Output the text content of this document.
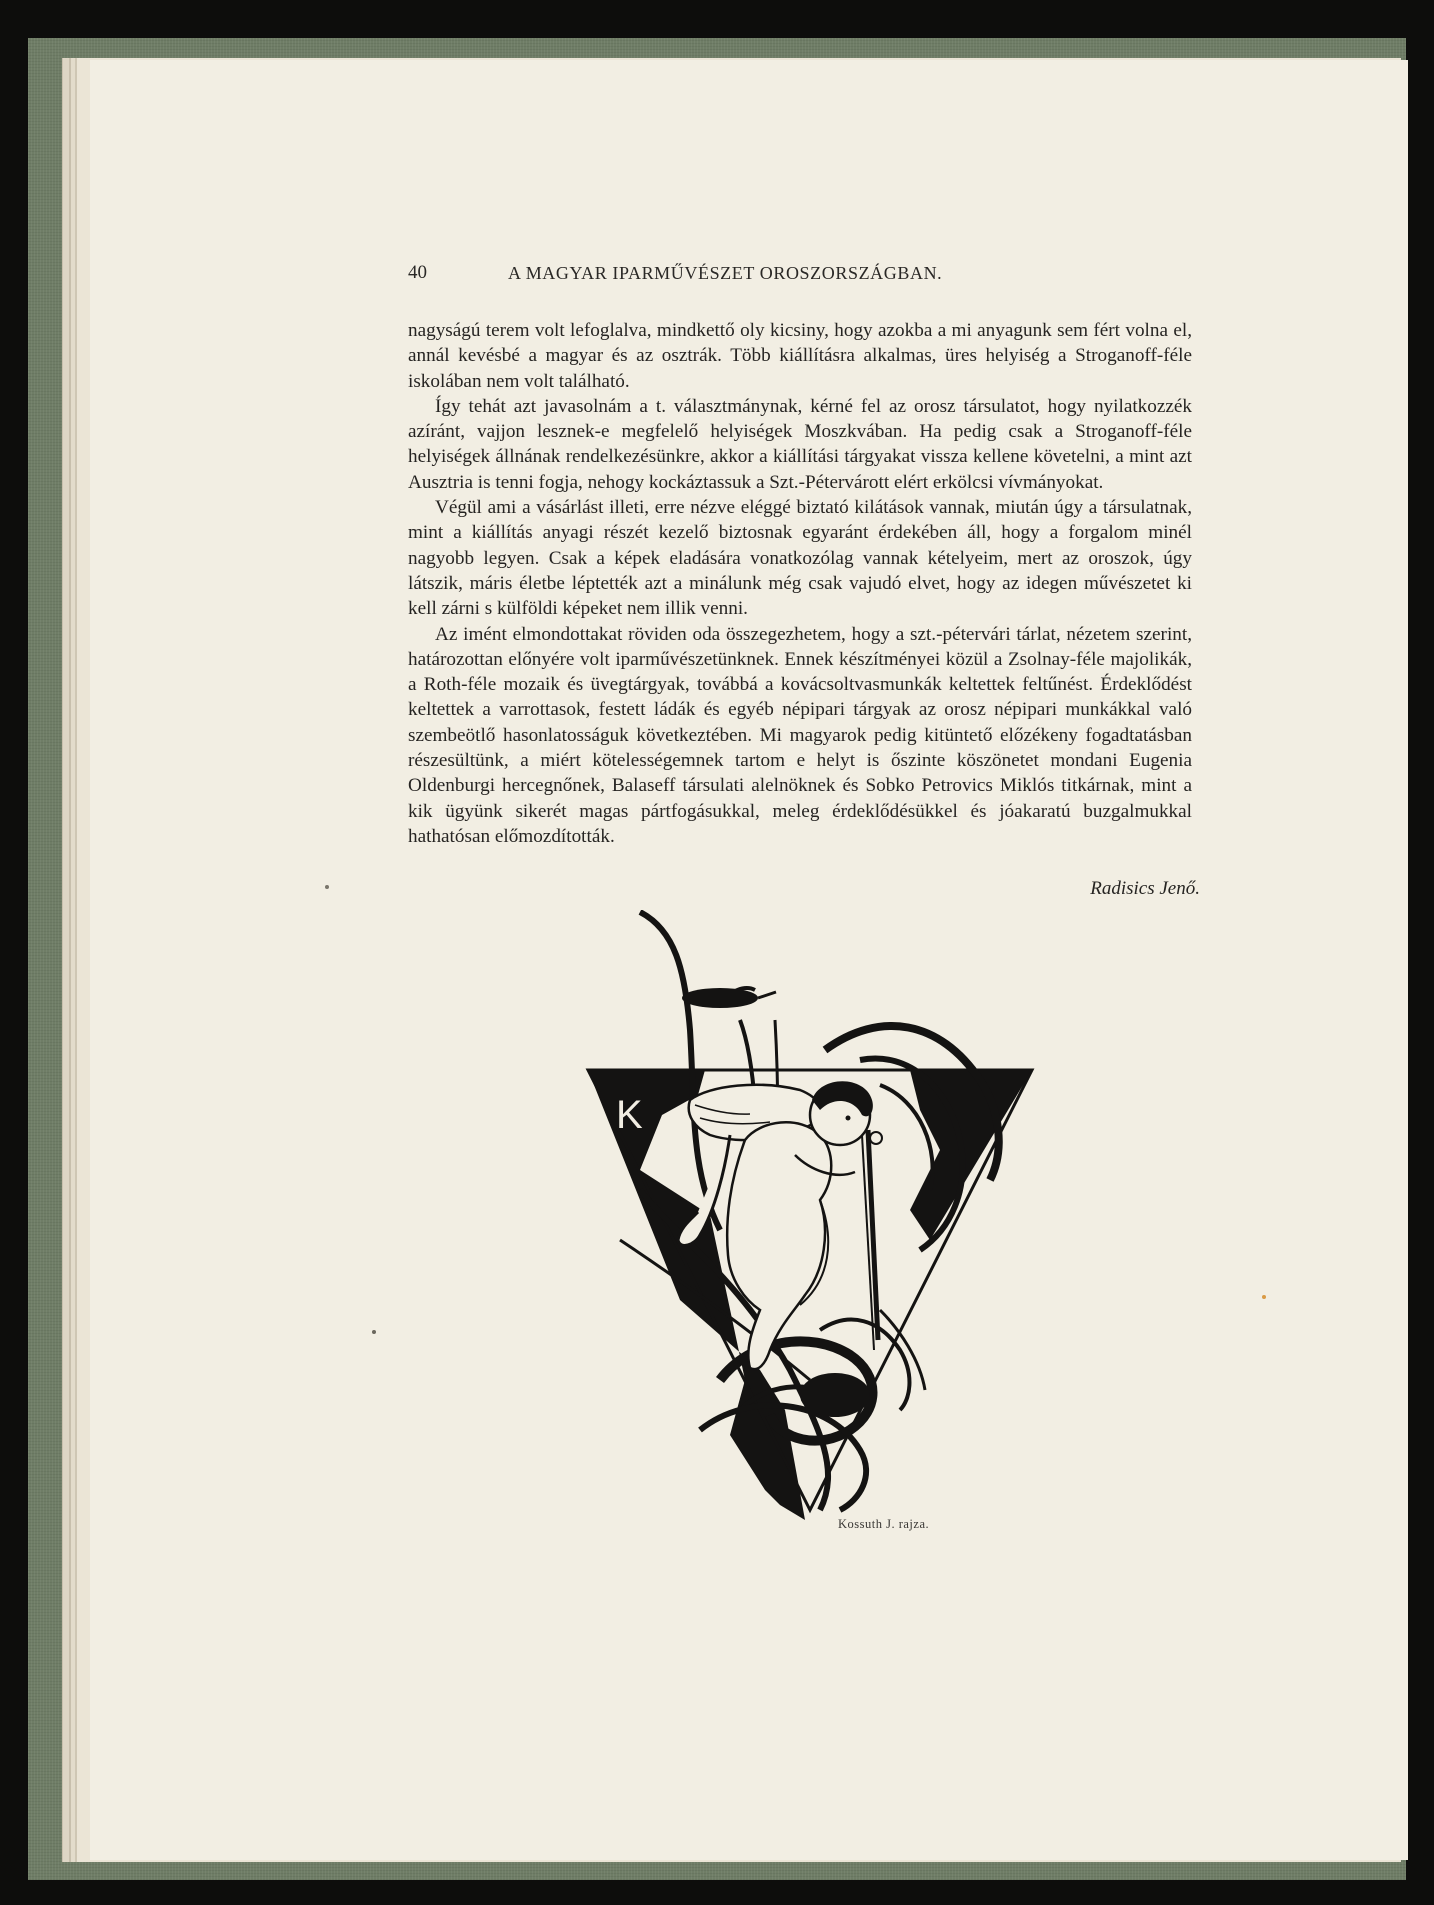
40	A MAGYAR IPARMŰVÉSZET OROSZORSZÁGBAN.

nagyságú terem volt lefoglalva, mindkettő oly kicsiny, hogy azokba a mi anyagunk sem fért volna el, annál kevésbé a magyar és az osztrák. Több kiállításra alkalmas, üres helyiség a Stroganoff-féle iskolában nem volt található.

Így tehát azt javasolnám a t. választmánynak, kérné fel az orosz társulatot, hogy nyilatkozzék azíránt, vajjon lesznek-e megfelelő helyiségek Moszkvában. Ha pedig csak a Stroganoff-féle helyiségek állnának rendelkezésünkre, akkor a kiállítási tárgyakat vissza kellene követelni, a mint azt Ausztria is tenni fogja, nehogy kockáztassuk a Szt.-Pétervárott elért erkölcsi vívmányokat.

Végül ami a vásárlást illeti, erre nézve eléggé biztató kilátások vannak, miután úgy a társulatnak, mint a kiállítás anyagi részét kezelő biztosnak egyaránt érdekében áll, hogy a forgalom minél nagyobb legyen. Csak a képek eladására vonatkozólag vannak kételyeim, mert az oroszok, úgy látszik, máris életbe léptették azt a minálunk még csak vajudó elvet, hogy az idegen művészetet ki kell zárni s külföldi képeket nem illik venni.

Az imént elmondottakat röviden oda összegezhetem, hogy a szt.-pétervári tárlat, nézetem szerint, határozottan előnyére volt iparművészetünknek. Ennek készítményei közül a Zsolnay-féle majolikák, a Roth-féle mozaik és üvegtárgyak, továbbá a kovácsoltvasmunkák keltettek feltűnést. Érdeklődést keltettek a varrottasok, festett ládák és egyéb népipari tárgyak az orosz népipari munkákkal való szembeötlő hasonlatosságuk következtében. Mi magyarok pedig kitüntető előzékeny fogadtatásban részesültünk, a miért kötelességemnek tartom e helyt is őszinte köszönetet mondani Eugenia Oldenburgi hercegnőnek, Balaseff társulati alelnöknek és Sobko Petrovics Miklós titkárnak, mint a kik ügyünk sikerét magas pártfogásukkal, meleg érdeklődésükkel és jóakaratú buzgalmukkal hathatósan előmozdították.

Radisics Jenő.
K
Kossuth J. rajza.
